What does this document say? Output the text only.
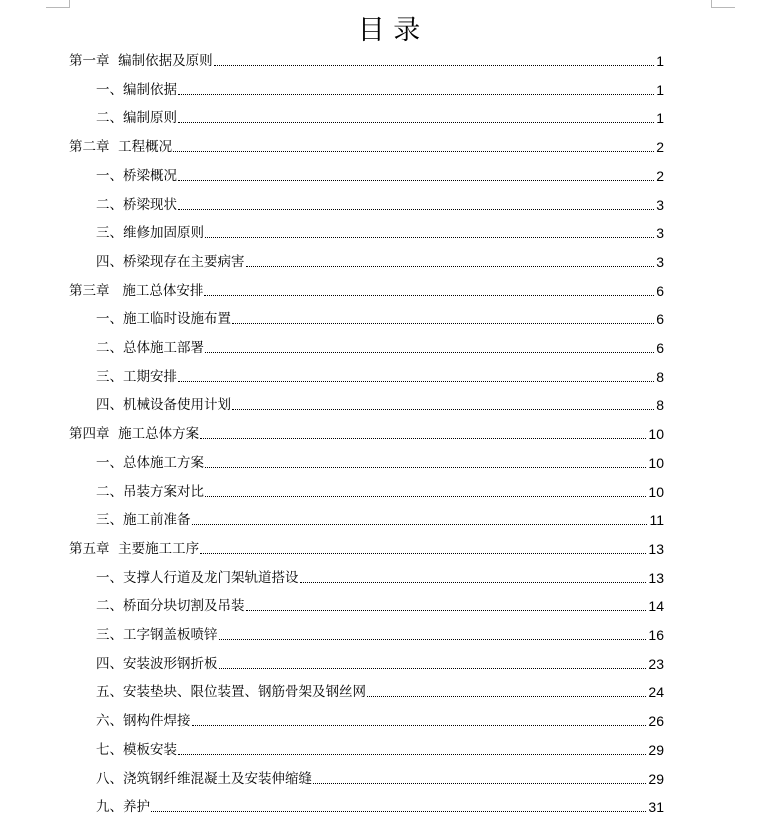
目 录
第一章  编制依据及原则	1
一、编制依据	1
二、编制原则	1
第二章  工程概况	2
一、桥梁概况	2
二、桥梁现状	3
三、维修加固原则	3
四、桥梁现存在主要病害	3
第三章   施工总体安排	6
一、施工临时设施布置	6
二、总体施工部署	6
三、工期安排	8
四、机械设备使用计划	8
第四章  施工总体方案	10
一、总体施工方案	10
二、吊装方案对比	10
三、施工前准备	11
第五章  主要施工工序	13
一、支撑人行道及龙门架轨道搭设	13
二、桥面分块切割及吊装	14
三、工字钢盖板喷锌	16
四、安装波形钢折板	23
五、安装垫块、限位装置、钢筋骨架及钢丝网	24
六、钢构件焊接	26
七、模板安装	29
八、浇筑钢纤维混凝土及安装伸缩缝	29
九、养护	31
